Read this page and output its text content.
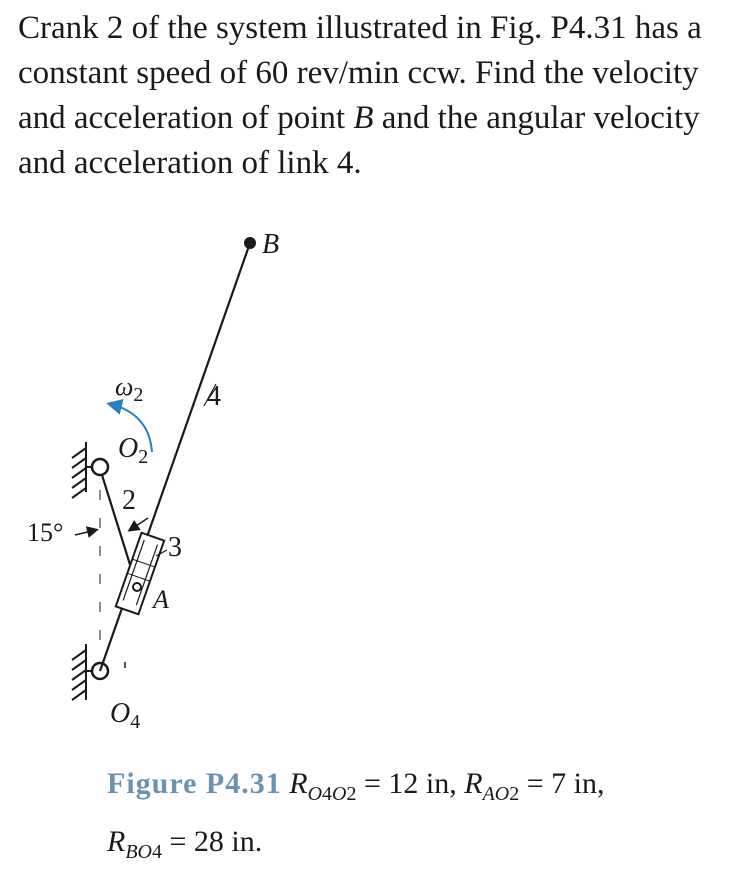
Crank 2 of the system illustrated in Fig. P4.31 has a constant speed of 60 rev/min ccw. Find the velocity and acceleration of point B and the angular velocity and acceleration of link 4.

B
$\omega_2$ 4
$O_2$
2
15°	3
A
$O_4$
Figure P4.31 $R_{O4O2} = 12$ in, $R_{AO2} = 7$ in,
$R_{BO4} = 28$ in.
